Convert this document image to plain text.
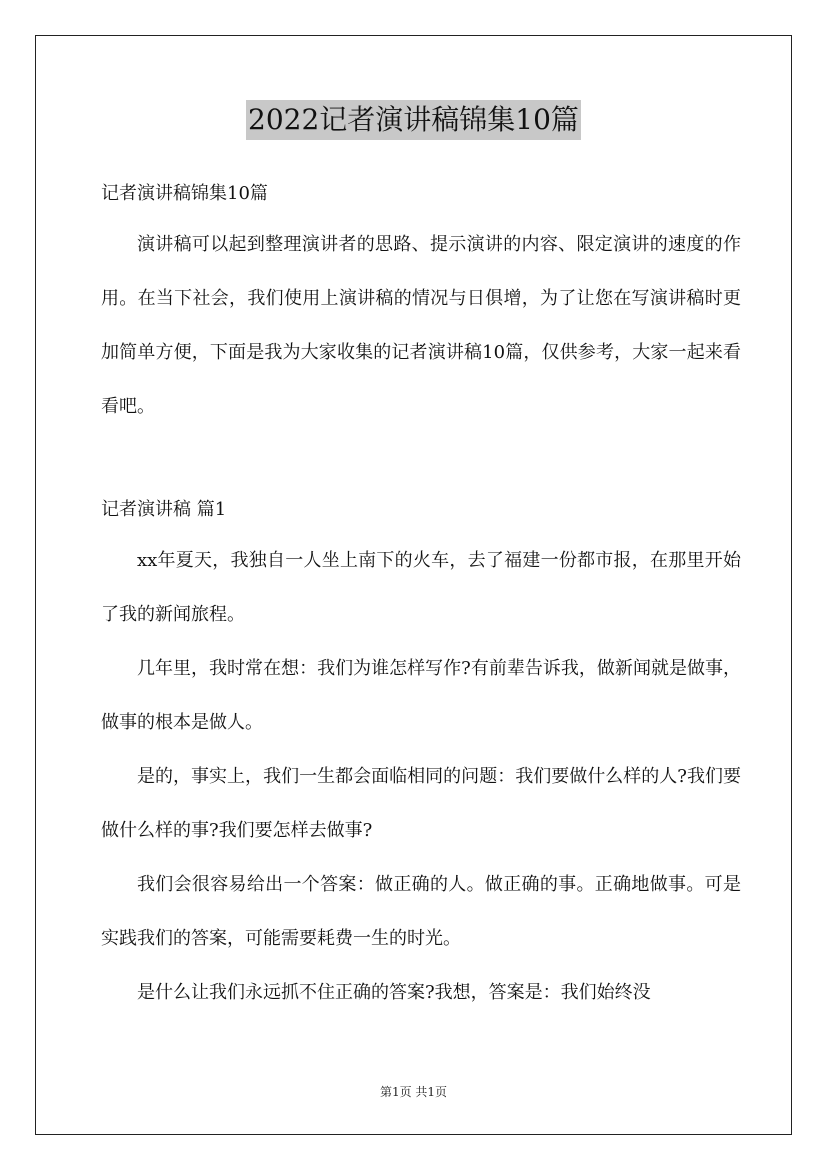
2022记者演讲稿锦集10篇

记者演讲稿锦集10篇

演讲稿可以起到整理演讲者的思路、提示演讲的内容、限定演讲的速度的作用。在当下社会，我们使用上演讲稿的情况与日俱增，为了让您在写演讲稿时更加简单方便，下面是我为大家收集的记者演讲稿10篇，仅供参考，大家一起来看看吧。

记者演讲稿 篇1

xx年夏天，我独自一人坐上南下的火车，去了福建一份都市报，在那里开始了我的新闻旅程。

几年里，我时常在想：我们为谁怎样写作?有前辈告诉我，做新闻就是做事，做事的根本是做人。

是的，事实上，我们一生都会面临相同的问题：我们要做什么样的人?我们要做什么样的事?我们要怎样去做事?

我们会很容易给出一个答案：做正确的人。做正确的事。正确地做事。可是实践我们的答案，可能需要耗费一生的时光。

是什么让我们永远抓不住正确的答案?我想，答案是：我们始终没

第1页 共1页
